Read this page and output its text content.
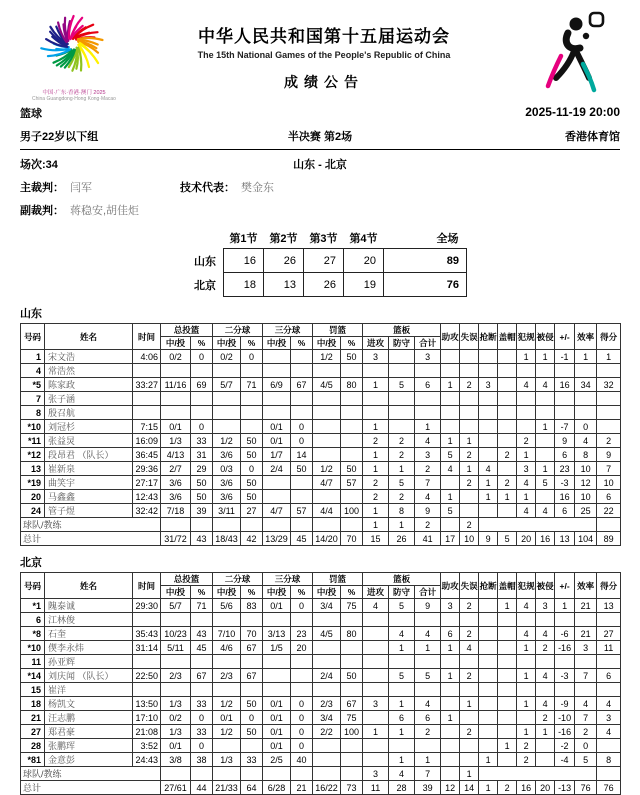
中国·广东·香港·澳门 2025
China Guangdong·Hong Kong·Macao
中华人民共和国第十五届运动会
The 15th National Games of the People's Republic of China
成绩公告
篮球	2025-11-19 20:00
男子22岁以下组	半决赛 第2场	香港体育馆
场次:34	山东 - 北京
主裁判： 闫军	技术代表： 樊金东
副裁判： 蒋稳安,胡佳炬
	第1节	第2节	第3节	第4节	全场
山东	16	26	27	20	89
北京	18	13	26	19	76
山东
号码	姓名	时间	总投篮		二分球		三分球		罚篮		篮板			助攻	失误	抢断	盖帽	犯规	被侵	+/-	效率	得分
			中/投	%	中/投	%	中/投	%	中/投	%	进攻	防守	合计									
1	宋文浩	4:06	0/2	0	0/2	0			1/2	50	3		3					1	1	-1	1	1
4	常浩然																					
*5	陈家政	33:27	11/16	69	5/7	71	6/9	67	4/5	80	1	5	6	1	2	3		4	4	16	34	32
7	张子涵																					
8	殷召航																					
*10	刘冠杉	7:15	0/1	0			0/1	0			1		1						1	-7	0	
*11	张益炅	16:09	1/3	33	1/2	50	0/1	0			2	2	4	1	1			2		9	4	2
*12	段昂君 （队长）	36:45	4/13	31	3/6	50	1/7	14			1	2	3	5	2		2	1		6	8	9
13	崔新泉	29:36	2/7	29	0/3	0	2/4	50	1/2	50	1	1	2	4	1	4		3	1	23	10	7
*19	曲笑宇	27:17	3/6	50	3/6	50			4/7	57	2	5	7		2	1	2	4	5	-3	12	10
20	马鑫鑫	12:43	3/6	50	3/6	50					2	2	4	1		1	1	1		16	10	6
24	管子煜	32:42	7/18	39	3/11	27	4/7	57	4/4	100	1	8	9	5				4	4	6	25	22
球队/教练											1	1	2		2							
总计			31/72	43	18/43	42	13/29	45	14/20	70	15	26	41	17	10	9	5	20	16	13	104	89
北京
号码	姓名	时间	总投篮		二分球		三分球		罚篮		篮板			助攻	失误	抢断	盖帽	犯规	被侵	+/-	效率	得分
			中/投	%	中/投	%	中/投	%	中/投	%	进攻	防守	合计									
*1	隗泰诚	29:30	5/7	71	5/6	83	0/1	0	3/4	75	4	5	9	3	2		1	4	3	1	21	13
6	江林俊																					
*8	石奎	35:43	10/23	43	7/10	70	3/13	23	4/5	80		4	4	6	2			4	4	-6	21	27
*10	偰李永炜	31:14	5/11	45	4/6	67	1/5	20				1	1	1	4			1	2	-16	3	11
11	孙亚辉																					
*14	刘庆闻 （队长）	22:50	2/3	67	2/3	67			2/4	50		5	5	1	2			1	4	-3	7	6
15	崔洋																					
18	杨凯文	13:50	1/3	33	1/2	50	0/1	0	2/3	67	3	1	4		1			1	4	-9	4	4
21	汪志鹏	17:10	0/2	0	0/1	0	0/1	0	3/4	75		6	6	1					2	-10	7	3
27	郑君豪	21:08	1/3	33	1/2	50	0/1	0	2/2	100	1	1	2		2			1	1	-16	2	4
28	张鹏珲	3:52	0/1	0			0/1	0									1	2		-2	0	
*81	金意彭	24:43	3/8	38	1/3	33	2/5	40				1	1			1		2		-4	5	8
球队/教练											3	4	7		1							
总计			27/61	44	21/33	64	6/28	21	16/22	73	11	28	39	12	14	1	2	16	20	-13	76	76
